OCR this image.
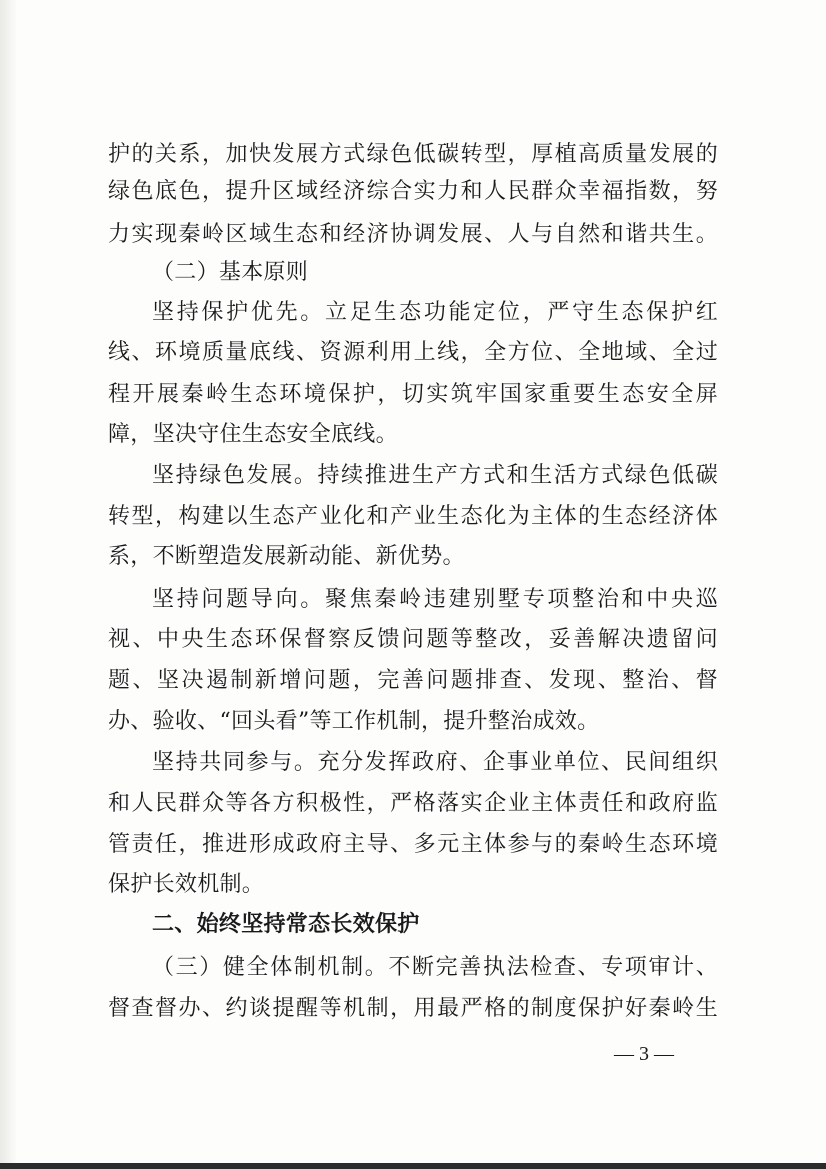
护的关系，加快发展方式绿色低碳转型，厚植高质量发展的
绿色底色，提升区域经济综合实力和人民群众幸福指数，努
力实现秦岭区域生态和经济协调发展、人与自然和谐共生。
（二）基本原则
坚持保护优先。立足生态功能定位，严守生态保护红
线、环境质量底线、资源利用上线，全方位、全地域、全过
程开展秦岭生态环境保护，切实筑牢国家重要生态安全屏
障，坚决守住生态安全底线。
坚持绿色发展。持续推进生产方式和生活方式绿色低碳
转型，构建以生态产业化和产业生态化为主体的生态经济体
系，不断塑造发展新动能、新优势。
坚持问题导向。聚焦秦岭违建别墅专项整治和中央巡
视、中央生态环保督察反馈问题等整改，妥善解决遗留问
题、坚决遏制新增问题，完善问题排查、发现、整治、督
办、验收、“回头看”等工作机制，提升整治成效。
坚持共同参与。充分发挥政府、企事业单位、民间组织
和人民群众等各方积极性，严格落实企业主体责任和政府监
管责任，推进形成政府主导、多元主体参与的秦岭生态环境
保护长效机制。
二、始终坚持常态长效保护
（三）健全体制机制。不断完善执法检查、专项审计、
督查督办、约谈提醒等机制，用最严格的制度保护好秦岭生
— 3 —
